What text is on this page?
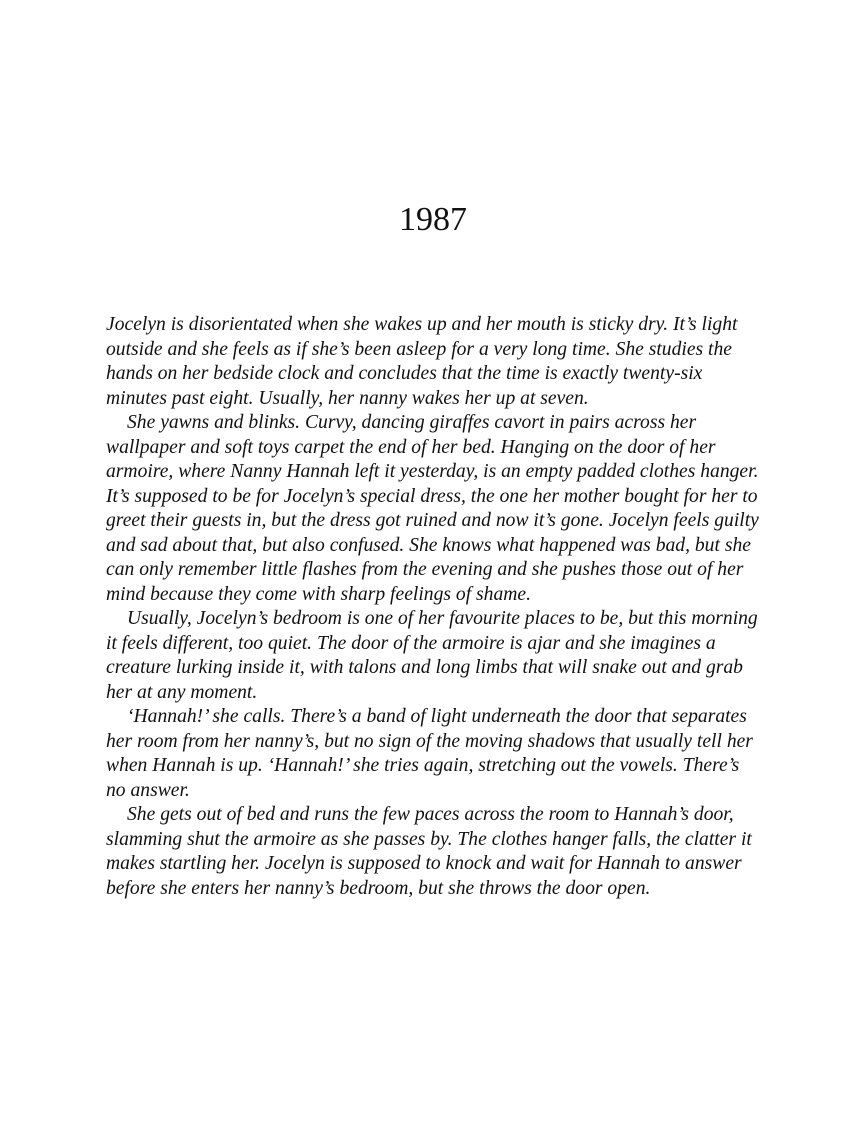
1987

Jocelyn is disorientated when she wakes up and her mouth is sticky dry. It’s light outside and she feels as if she’s been asleep for a very long time. She studies the hands on her bedside clock and concludes that the time is exactly twenty-six minutes past eight. Usually, her nanny wakes her up at seven.

She yawns and blinks. Curvy, dancing giraffes cavort in pairs across her wallpaper and soft toys carpet the end of her bed. Hanging on the door of her armoire, where Nanny Hannah left it yesterday, is an empty padded clothes hanger. It’s supposed to be for Jocelyn’s special dress, the one her mother bought for her to greet their guests in, but the dress got ruined and now it’s gone. Jocelyn feels guilty and sad about that, but also confused. She knows what happened was bad, but she can only remember little flashes from the evening and she pushes those out of her mind because they come with sharp feelings of shame.

Usually, Jocelyn’s bedroom is one of her favourite places to be, but this morning it feels different, too quiet. The door of the armoire is ajar and she imagines a creature lurking inside it, with talons and long limbs that will snake out and grab her at any moment.

‘Hannah!’ she calls. There’s a band of light underneath the door that separates her room from her nanny’s, but no sign of the moving shadows that usually tell her when Hannah is up. ‘Hannah!’ she tries again, stretching out the vowels. There’s no answer.

She gets out of bed and runs the few paces across the room to Hannah’s door, slamming shut the armoire as she passes by. The clothes hanger falls, the clatter it makes startling her. Jocelyn is supposed to knock and wait for Hannah to answer before she enters her nanny’s bedroom, but she throws the door open.
